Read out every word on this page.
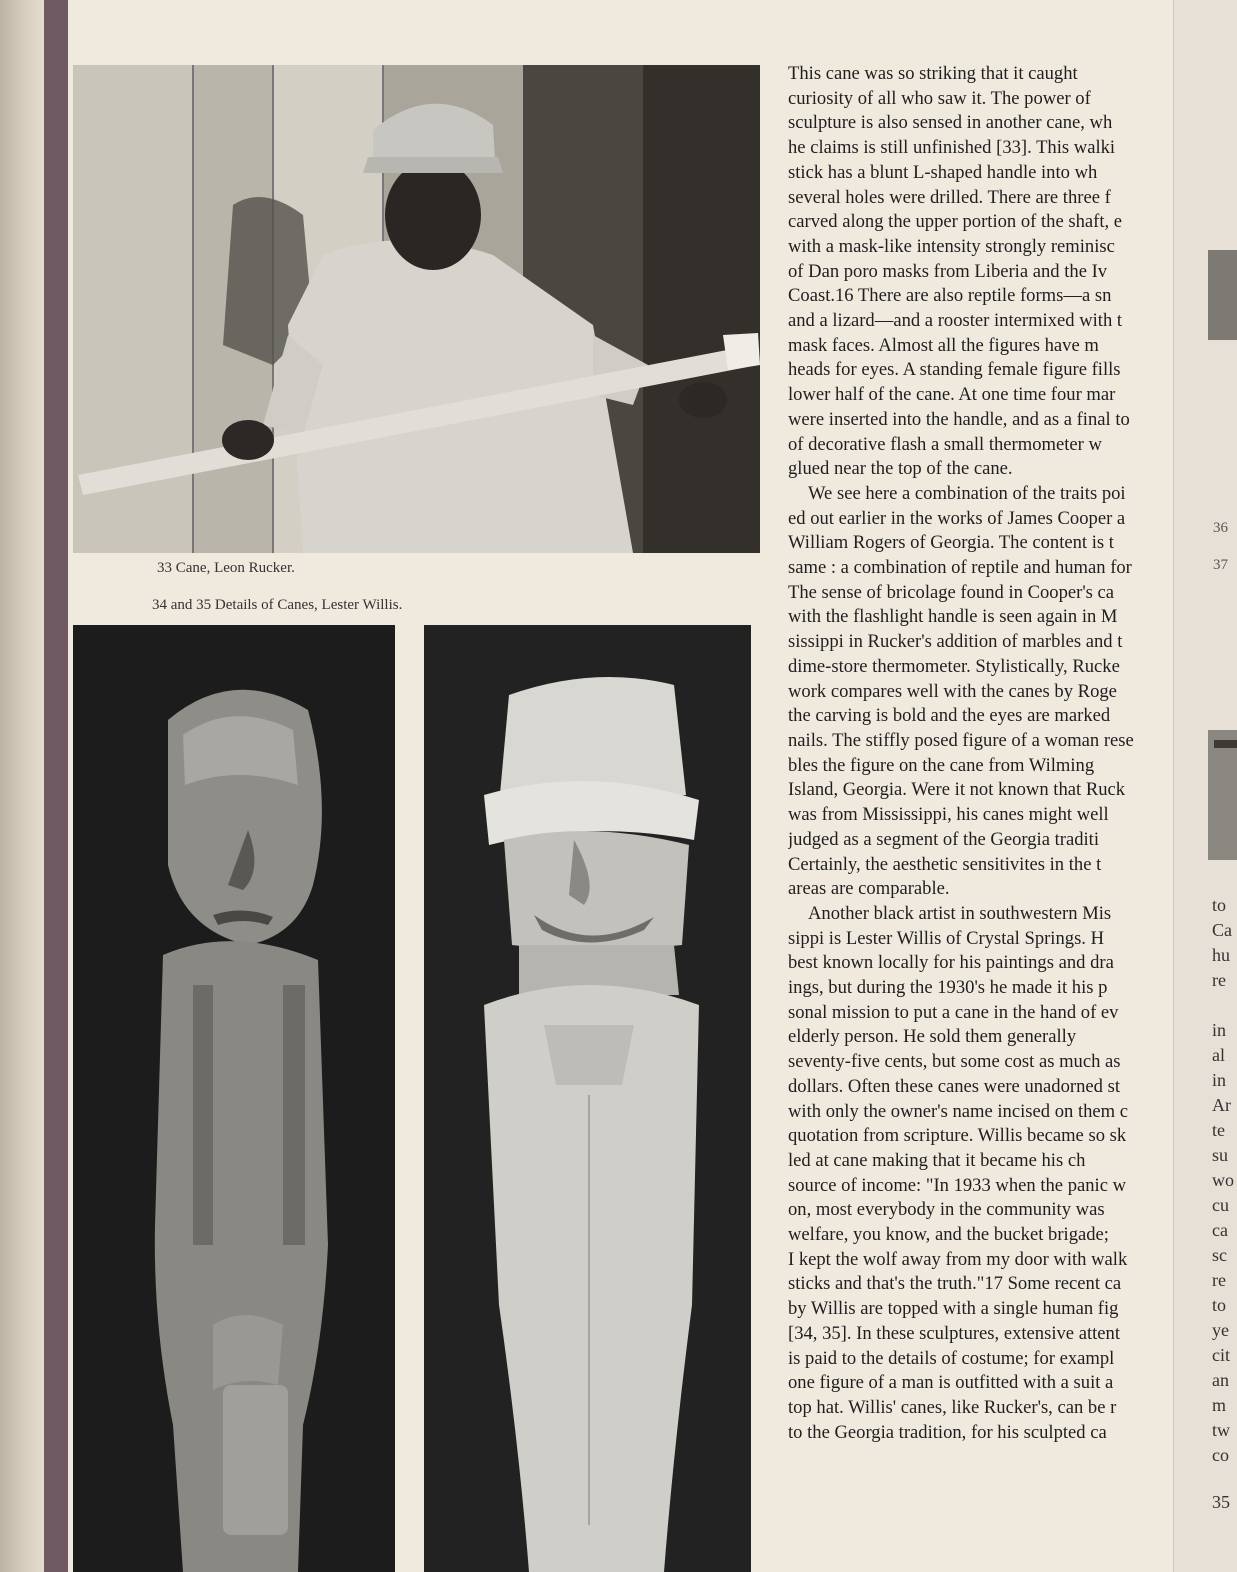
33 Cane, Leon Rucker.
34 and 35 Details of Canes, Lester Willis.

This cane was so striking that it caught

curiosity of all who saw it. The power of

sculpture is also sensed in another cane, wh

he claims is still unfinished [33]. This walki

stick has a blunt L-shaped handle into wh

several holes were drilled. There are three f

carved along the upper portion of the shaft, e

with a mask-like intensity strongly reminisc

of Dan poro masks from Liberia and the Iv

Coast.16 There are also reptile forms—a sn

and a lizard—and a rooster intermixed with t

mask faces. Almost all the figures have m

heads for eyes. A standing female figure fills

lower half of the cane. At one time four mar

were inserted into the handle, and as a final to

of decorative flash a small thermometer w

glued near the top of the cane.

We see here a combination of the traits poi

ed out earlier in the works of James Cooper a

William Rogers of Georgia. The content is t

same : a combination of reptile and human for

The sense of bricolage found in Cooper's ca

with the flashlight handle is seen again in M

sissippi in Rucker's addition of marbles and t

dime-store thermometer. Stylistically, Rucke

work compares well with the canes by Roge

the carving is bold and the eyes are marked

nails. The stiffly posed figure of a woman rese

bles the figure on the cane from Wilming

Island, Georgia. Were it not known that Ruck

was from Mississippi, his canes might well

judged as a segment of the Georgia traditi

Certainly, the aesthetic sensitivites in the t

areas are comparable.

Another black artist in southwestern Mis

sippi is Lester Willis of Crystal Springs. H

best known locally for his paintings and dra

ings, but during the 1930's he made it his p

sonal mission to put a cane in the hand of ev

elderly person. He sold them generally

seventy-five cents, but some cost as much as

dollars. Often these canes were unadorned st

with only the owner's name incised on them c

quotation from scripture. Willis became so sk

led at cane making that it became his ch

source of income: "In 1933 when the panic w

on, most everybody in the community was

welfare, you know, and the bucket brigade;

I kept the wolf away from my door with walk

sticks and that's the truth."17 Some recent ca

by Willis are topped with a single human fig

[34, 35]. In these sculptures, extensive attent

is paid to the details of costume; for exampl

one figure of a man is outfitted with a suit a

top hat. Willis' canes, like Rucker's, can be r

to the Georgia tradition, for his sculpted ca

36
37
to
Ca
hu
re
in
al
in
Ar
te
su
wo
cu
ca
sc
re
to
ye
cit
an
m
tw
co
35
